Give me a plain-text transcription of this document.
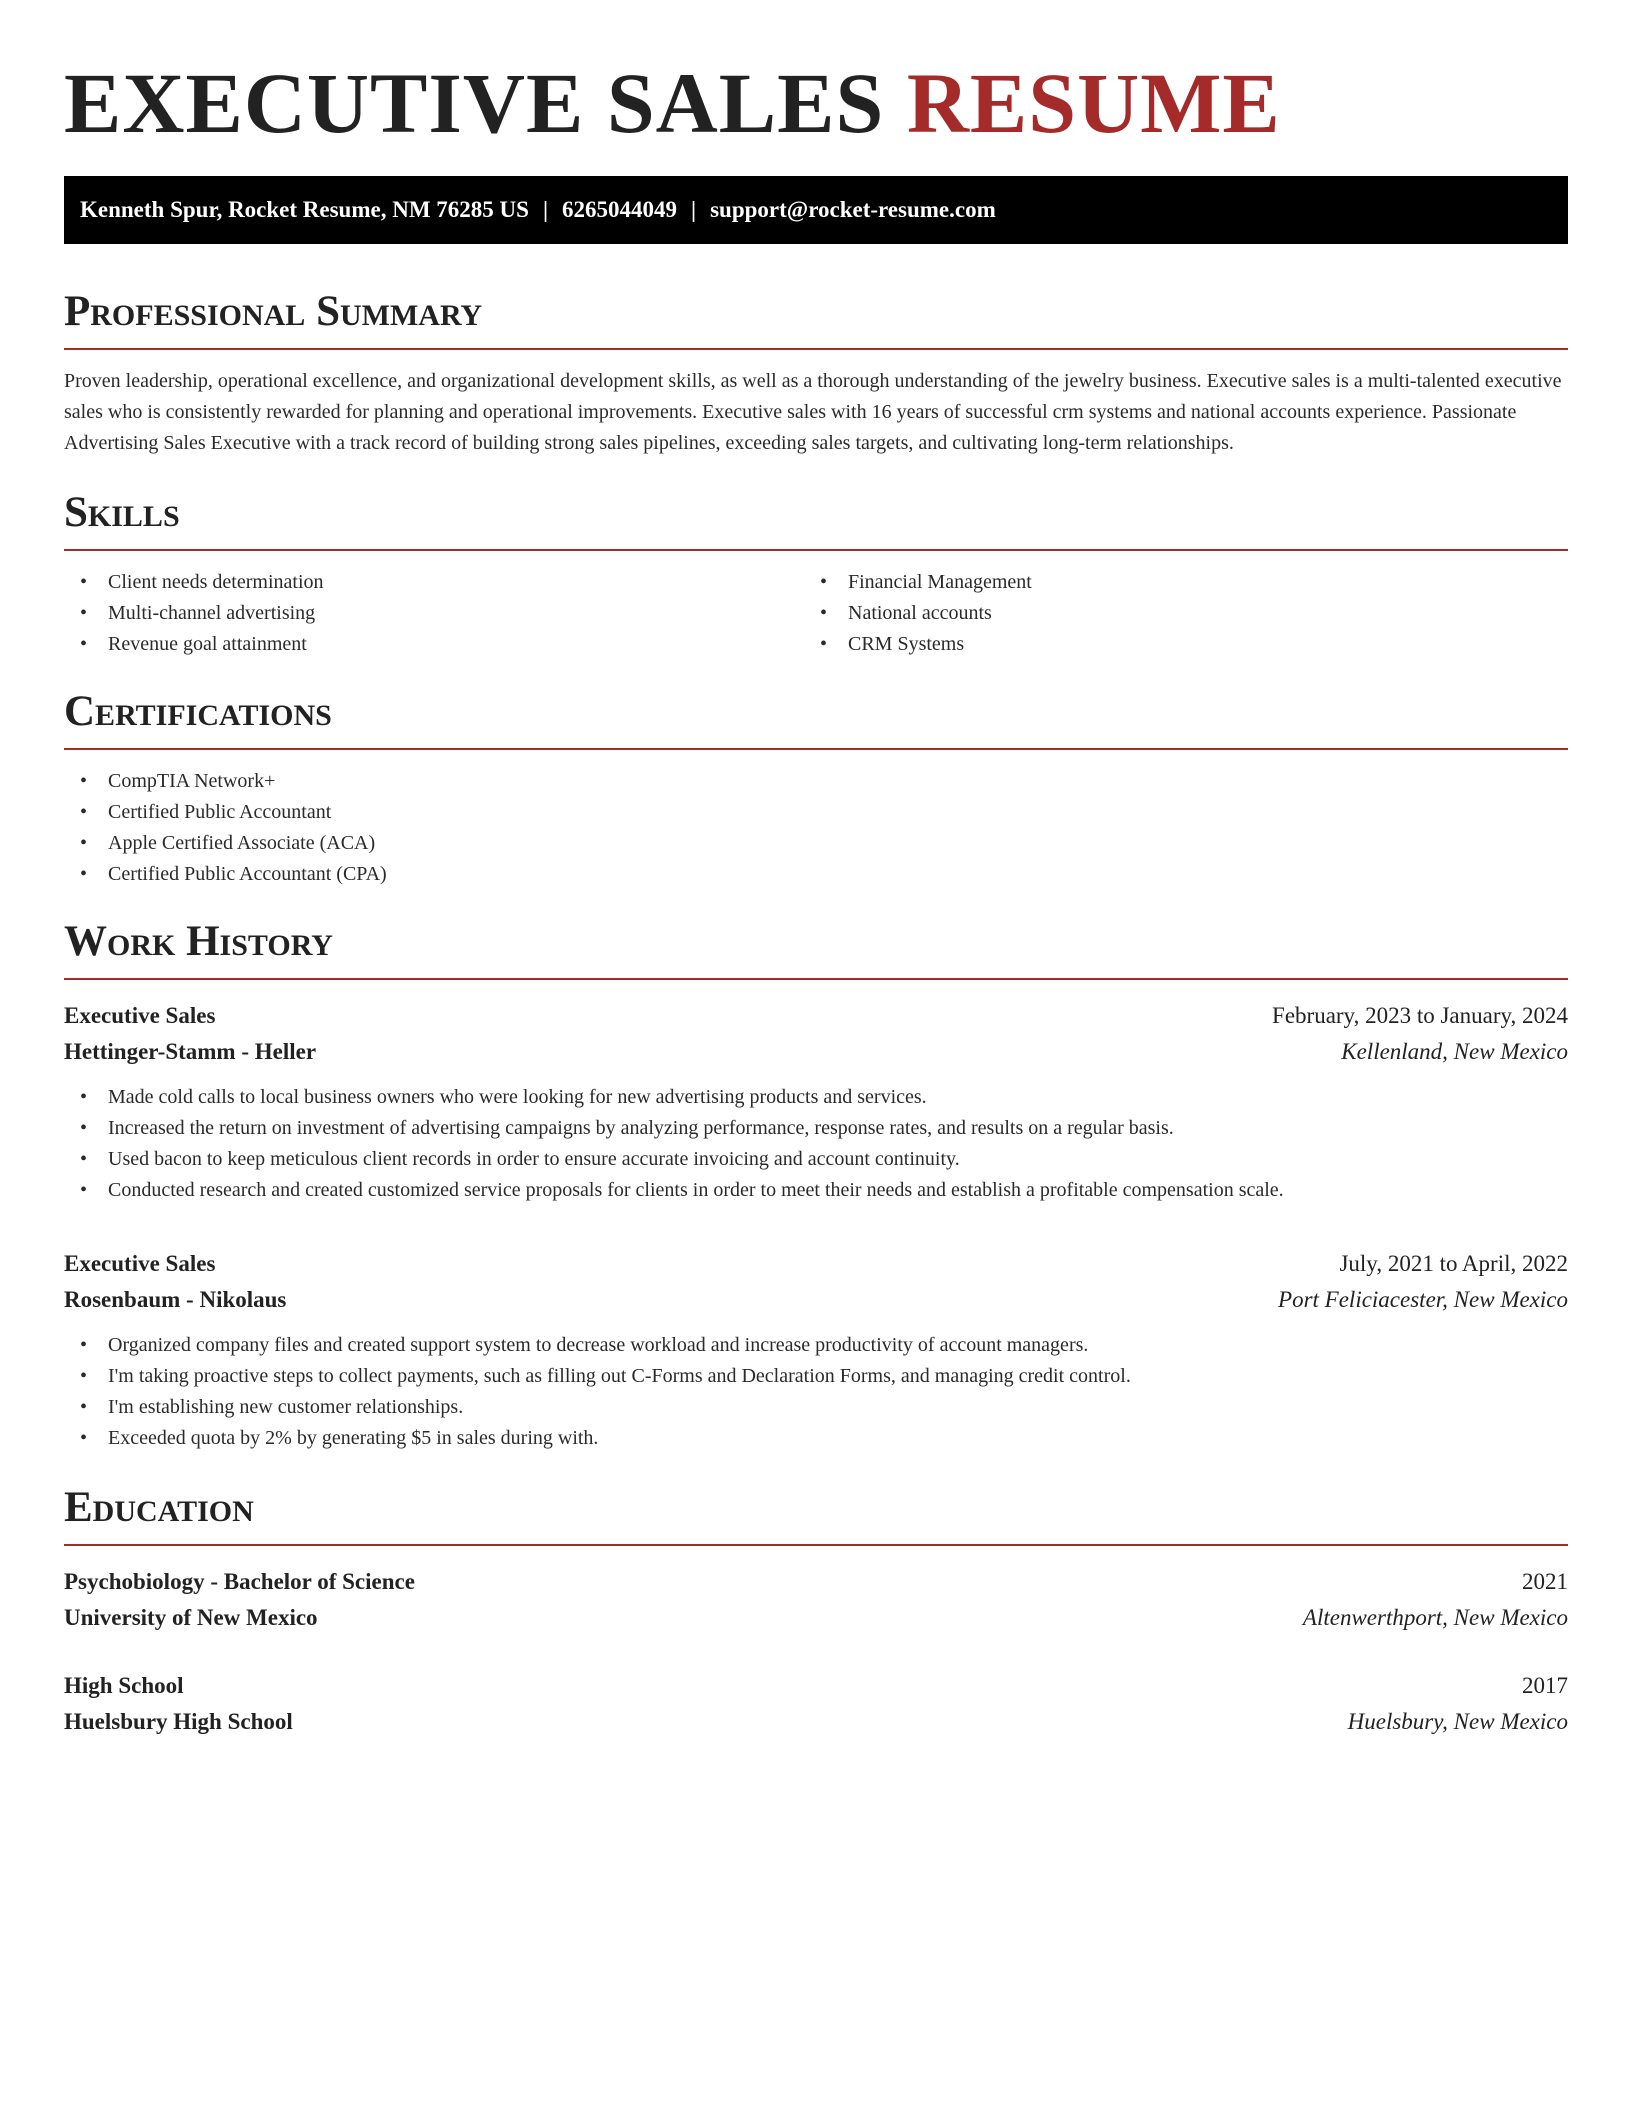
EXECUTIVE SALES RESUME
Kenneth Spur, Rocket Resume, NM 76285 US | 6265044049 | support@rocket-resume.com
Professional Summary
Proven leadership, operational excellence, and organizational development skills, as well as a thorough understanding of the jewelry business. Executive sales is a multi-talented executive sales who is consistently rewarded for planning and operational improvements. Executive sales with 16 years of successful crm systems and national accounts experience. Passionate Advertising Sales Executive with a track record of building strong sales pipelines, exceeding sales targets, and cultivating long-term relationships.
Skills
• Client needs determination
• Multi-channel advertising
• Revenue goal attainment
• Financial Management
• National accounts
• CRM Systems
Certifications
• CompTIA Network+
• Certified Public Accountant
• Apple Certified Associate (ACA)
• Certified Public Accountant (CPA)
Work History
Executive Sales	February, 2023 to January, 2024
Hettinger-Stamm - Heller	Kellenland, New Mexico
• Made cold calls to local business owners who were looking for new advertising products and services.
• Increased the return on investment of advertising campaigns by analyzing performance, response rates, and results on a regular basis.
• Used bacon to keep meticulous client records in order to ensure accurate invoicing and account continuity.
• Conducted research and created customized service proposals for clients in order to meet their needs and establish a profitable compensation scale.
Executive Sales	July, 2021 to April, 2022
Rosenbaum - Nikolaus	Port Feliciacester, New Mexico
• Organized company files and created support system to decrease workload and increase productivity of account managers.
• I'm taking proactive steps to collect payments, such as filling out C-Forms and Declaration Forms, and managing credit control.
• I'm establishing new customer relationships.
• Exceeded quota by 2% by generating $5 in sales during with.
Education
Psychobiology - Bachelor of Science	2021
University of New Mexico	Altenwerthport, New Mexico
High School	2017
Huelsbury High School	Huelsbury, New Mexico
